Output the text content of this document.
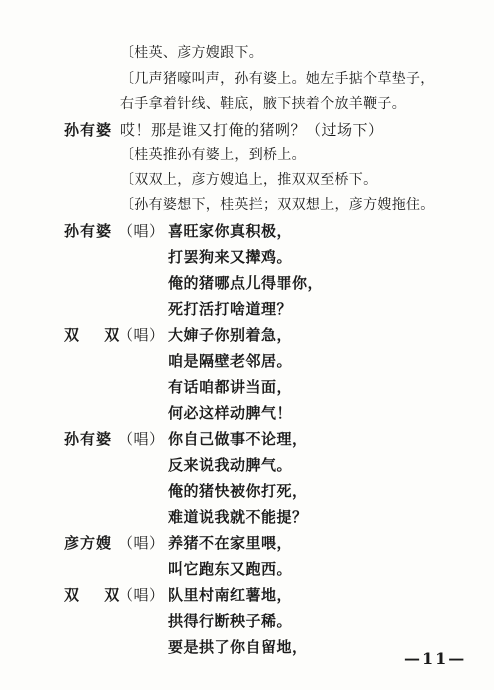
〔桂英、彦方嫂跟下。
〔几声猪嚎叫声，孙有婆上。她左手掂个草垫子，
右手拿着针线、鞋底，腋下挟着个放羊鞭子。
孙有婆 哎！那是谁又打俺的猪咧？（过场下）
〔桂英推孙有婆上，到桥上。
〔双双上，彦方嫂追上，推双双至桥下。
〔孙有婆想下，桂英拦；双双想上，彦方嫂拖住。
孙有婆 （唱） 喜旺家你真积极，
打罢狗来又撵鸡。
俺的猪哪点儿得罪你，
死打活打啥道理？
双 双
（唱） 大婶子你别着急，
咱是隔壁老邻居。
有话咱都讲当面，
何必这样动脾气！
孙有婆 （唱） 你自己做事不论理，
反来说我动脾气。
俺的猪快被你打死，
难道说我就不能提？
彦方嫂 （唱） 养猪不在家里喂，
叫它跑东又跑西。
双 双
（唱） 队里村南红薯地，
拱得行断秧子稀。
要是拱了你自留地，
—11—
